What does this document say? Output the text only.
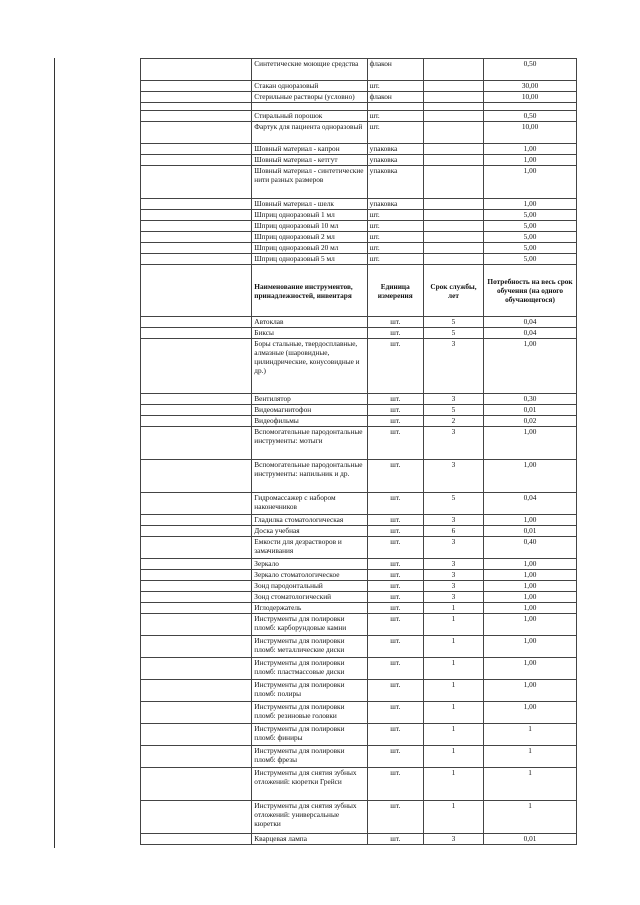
	Синтетические моющие средства	флакон		0,50
	Стакан одноразовый	шт.		30,00
	Стерильные растворы (условно)	флакон		10,00

	Стиральный порошок	шт.		0,50
	Фартук для пациента одноразовый	шт.		10,00
	Шовный материал - капрон	упаковка		1,00
	Шовный материал - кетгут	упаковка		1,00
	Шовный материал - синтетические нити разных размеров	упаковка		1,00
	Шовный материал - шелк	упаковка		1,00
	Шприц одноразовый 1 мл	шт.		5,00
	Шприц одноразовый 10 мл	шт.		5,00
	Шприц одноразовый 2 мл	шт.		5,00
	Шприц одноразовый 20 мл	шт.		5,00
	Шприц одноразовый 5 мл	шт.		5,00
	Наименование инструментов, принадлежностей, инвентаря	Единица измерения	Срок службы, лет	Потребность на весь срок обучения (на одного обучающегося)
	Автоклав	шт.	5	0,04
	Биксы	шт.	5	0,04
	Боры стальные, твердосплавные, алмазные (шаровидные, цилиндрические, конусовидные и др.)	шт.	3	1,00
	Вентилятор	шт.	3	0,30
	Видеомагнитофон	шт.	5	0,01
	Видеофильмы	шт.	2	0,02
	Вспомогательные пародонтальные инструменты: мотыги	шт.	3	1,00
	Вспомогательные пародонтальные инструменты: напильник и др.	шт.	3	1,00
	Гидромассажер с набором наконечников	шт.	5	0,04
	Гладилка стоматологическая	шт.	3	1,00
	Доска учебная	шт.	6	0,01
	Емкости для дезрастворов и замачивания	шт.	3	0,40
	Зеркало	шт.	3	1,00
	Зеркало стоматологическое	шт.	3	1,00
	Зонд пародонтальный	шт.	3	1,00
	Зонд стоматологический	шт.	3	1,00
	Иглодержатель	шт.	1	1,00
	Инструменты для полировки пломб: карборундовые камни	шт.	1	1,00
	Инструменты для полировки пломб: металлические диски	шт.	1	1,00
	Инструменты для полировки пломб: пластмассовые диски	шт.	1	1,00
	Инструменты для полировки пломб: полиры	шт.	1	1,00
	Инструменты для полировки пломб: резиновые головки	шт.	1	1,00
	Инструменты для полировки пломб: финиры	шт.	1	1
	Инструменты для полировки пломб: фрезы	шт.	1	1
	Инструменты для снятия зубных отложений: кюретки Грейси	шт.	1	1
	Инструменты для снятия зубных отложений: универсальные кюретки	шт.	1	1
	Кварцевая лампа	шт.	3	0,01
